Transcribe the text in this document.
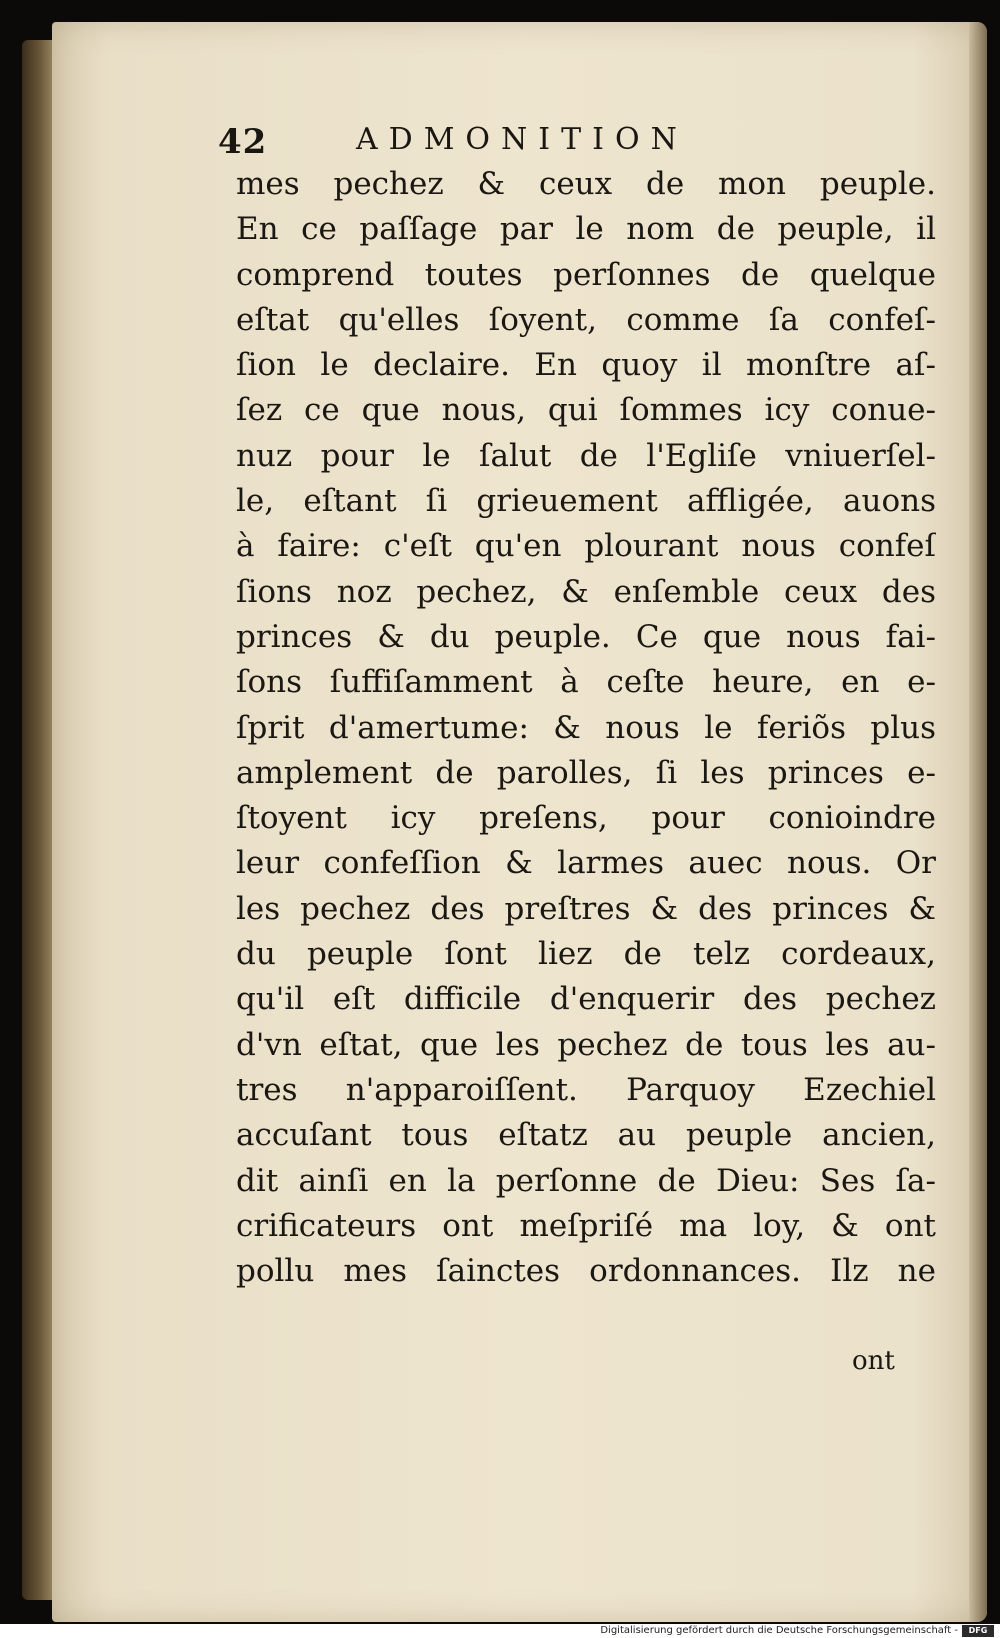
42	ADMONITION
mes pechez & ceux de mon peuple.
En ce paſſage par le nom de peuple, il
comprend toutes perſonnes de quelque
eſtat qu'elles ſoyent, comme ſa confeſ-
ſion le declaire. En quoy il monſtre aſ-
ſez ce que nous, qui ſommes icy conue-
nuz pour le ſalut de l'Egliſe vniuerſel-
le, eſtant ſi grieuement affligée, auons
à faire: c'eſt qu'en plourant nous confeſ
ſions noz pechez, & enſemble ceux des
princes & du peuple. Ce que nous fai-
ſons ſuffiſamment à ceſte heure, en e-
ſprit d'amertume: & nous le feriõs plus
amplement de parolles, ſi les princes e-
ſtoyent icy preſens, pour conioindre
leur confeſſion & larmes auec nous. Or
les pechez des preſtres & des princes &
du peuple ſont liez de telz cordeaux,
qu'il eſt difficile d'enquerir des pechez
d'vn eſtat, que les pechez de tous les au-
tres n'apparoiſſent. Parquoy Ezechiel
accuſant tous eſtatz au peuple ancien,
dit ainſi en la perſonne de Dieu: Ses ſa-
crificateurs ont meſpriſé ma loy, & ont
pollu mes ſainctes ordonnances. Ilz ne
ont
Digitalisierung gefördert durch die Deutsche Forschungsgemeinschaft -	DFG
